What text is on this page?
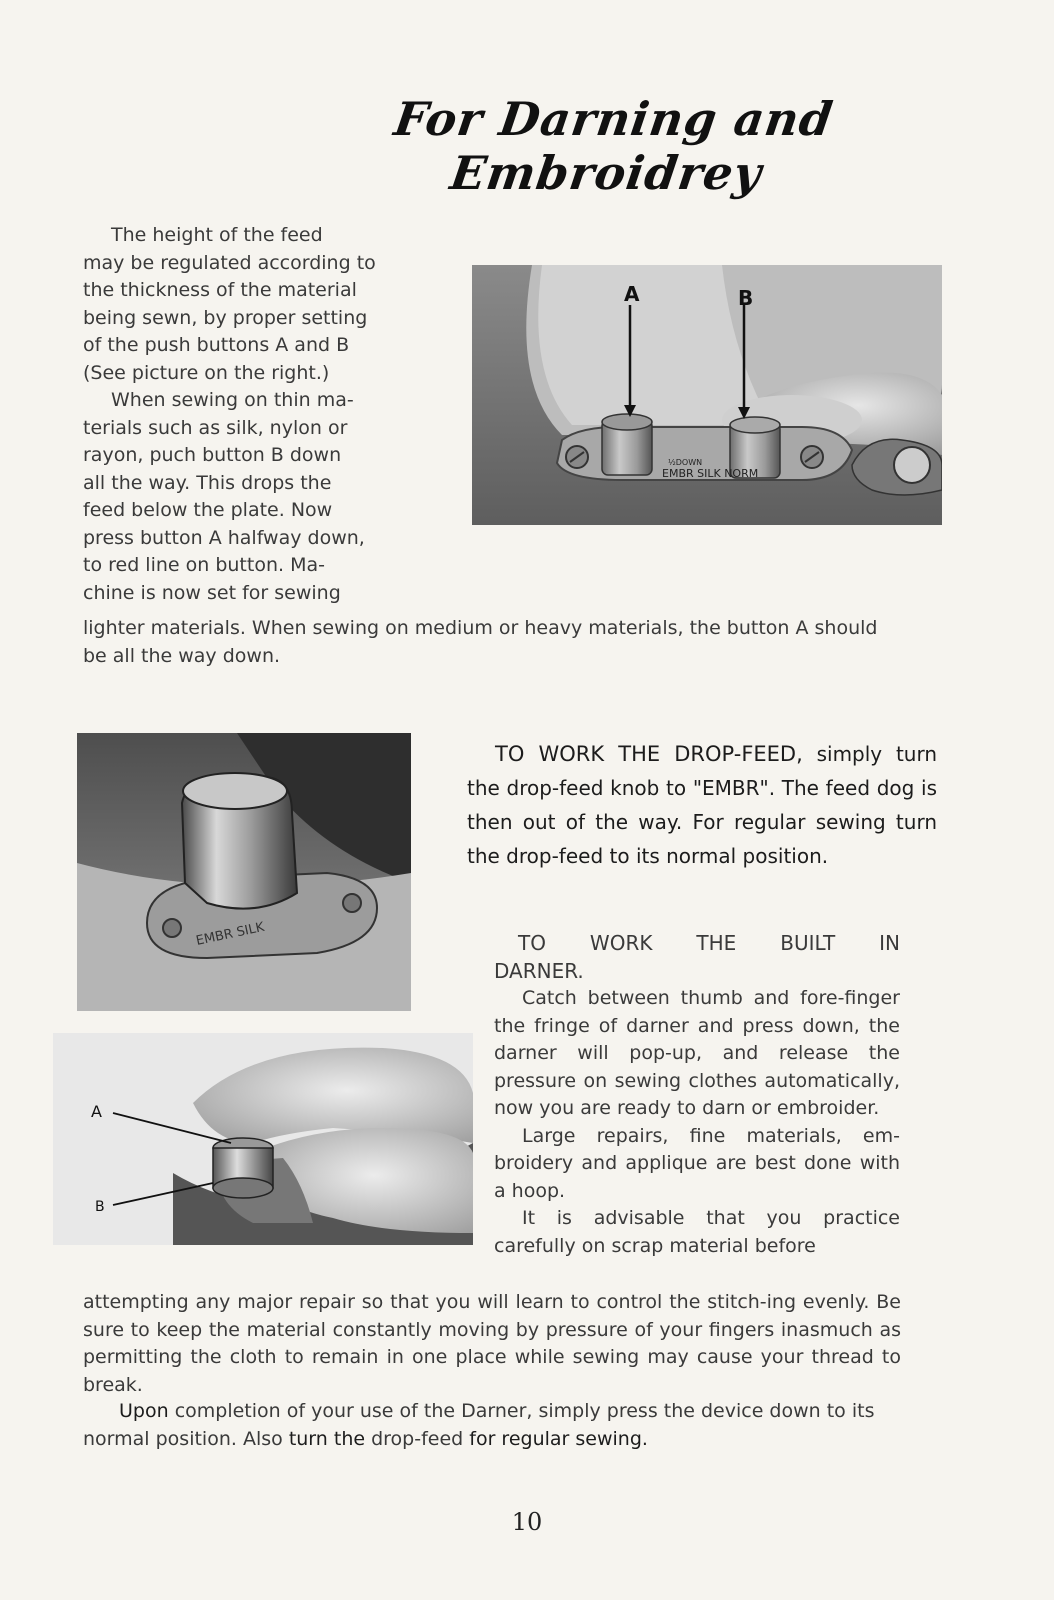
For Darning and Embroidrey
The height of the feed
may be regulated according to
the thickness of the material
being sewn, by proper setting
of the push buttons A and B
(See picture on the right.)
When sewing on thin ma-
terials such as silk, nylon or
rayon, puch button B down
all the way. This drops the
feed below the plate. Now
press button A halfway down,
to red line on button. Ma-
chine is now set for sewing
lighter materials. When sewing on medium or heavy materials, the button A should be all the way down.
EMBR SILK NORM
½DOWN
A	B
EMBR SILK
A
B
TO WORK THE DROP-FEED, simply turn the drop-feed knob to "EMBR". The feed dog is then out of the way. For regular sewing turn the drop-feed to its normal position.
TO WORK THE BUILT IN DARNER.
Catch between thumb and fore-finger the fringe of darner and press down, the darner will pop-up, and release the pressure on sewing clothes automatically, now you are ready to darn or embroider.
Large repairs, fine materials, em-broidery and applique are best done with a hoop.
It is advisable that you practice carefully on scrap material before
attempting any major repair so that you will learn to control the stitch-ing evenly. Be sure to keep the material constantly moving by pressure of your fingers inasmuch as permitting the cloth to remain in one place while sewing may cause your thread to break.
Upon completion of your use of the Darner, simply press the device down to its normal position. Also turn the drop-feed for regular sewing.
10
